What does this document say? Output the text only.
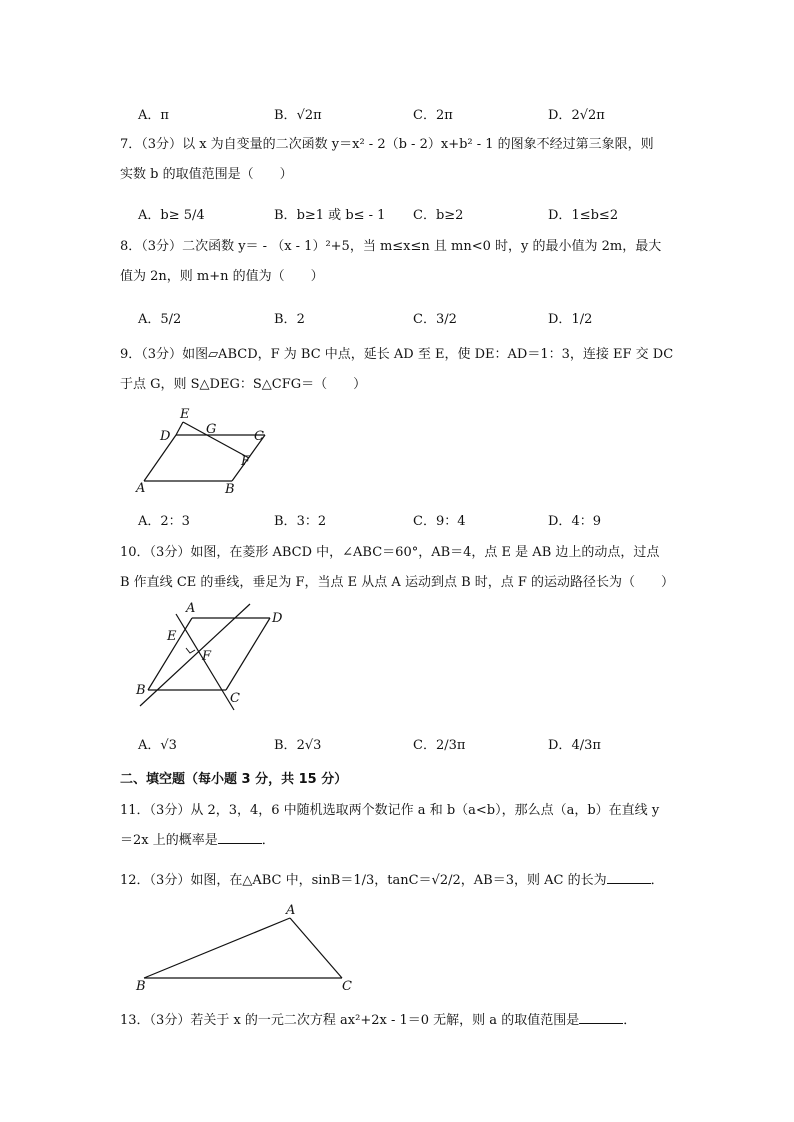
A．π	B．√2π	C．2π	D．2√2π
7．（3分）以 x 为自变量的二次函数 y＝x² ‑ 2（b ‑ 2）x+b² ‑ 1 的图象不经过第三象限，则
实数 b 的取值范围是（　　）
A．b≥ 5/4	B．b≥1 或 b≤ ‑ 1 C．b≥2	D．1≤b≤2
8．（3分）二次函数 y＝ ‑ （x ‑ 1）²+5，当 m≤x≤n 且 mn<0 时，y 的最小值为 2m，最大
值为 2n，则 m+n 的值为（　　）
A．5/2	B．2	C．3/2	D．1/2
9．（3分）如图▱ABCD，F 为 BC 中点，延长 AD 至 E，使 DE：AD＝1：3，连接 EF 交 DC
于点 G，则 S△DEG：S△CFG＝（　　）
E
D	G	C
F
A	B
A．2：3	B．3：2	C．9：4	D．4：9
10．（3分）如图，在菱形 ABCD 中，∠ABC＝60°，AB＝4，点 E 是 AB 边上的动点，过点
B 作直线 CE 的垂线，垂足为 F，当点 E 从点 A 运动到点 B 时，点 F 的运动路径长为（　　）
A
D
E
F
B
C
A．√3	B．2√3	C．2/3π	D．4/3π
二、填空题（每小题 3 分，共 15 分）
11．（3分）从 2，3，4，6 中随机选取两个数记作 a 和 b（a<b），那么点（a，b）在直线 y
＝2x 上的概率是	．
12．（3分）如图，在△ABC 中，sinB＝1/3，tanC＝√2/2，AB＝3，则 AC 的长为	．
A
B	C
13．（3分）若关于 x 的一元二次方程 ax²+2x ‑ 1＝0 无解，则 a 的取值范围是	．
